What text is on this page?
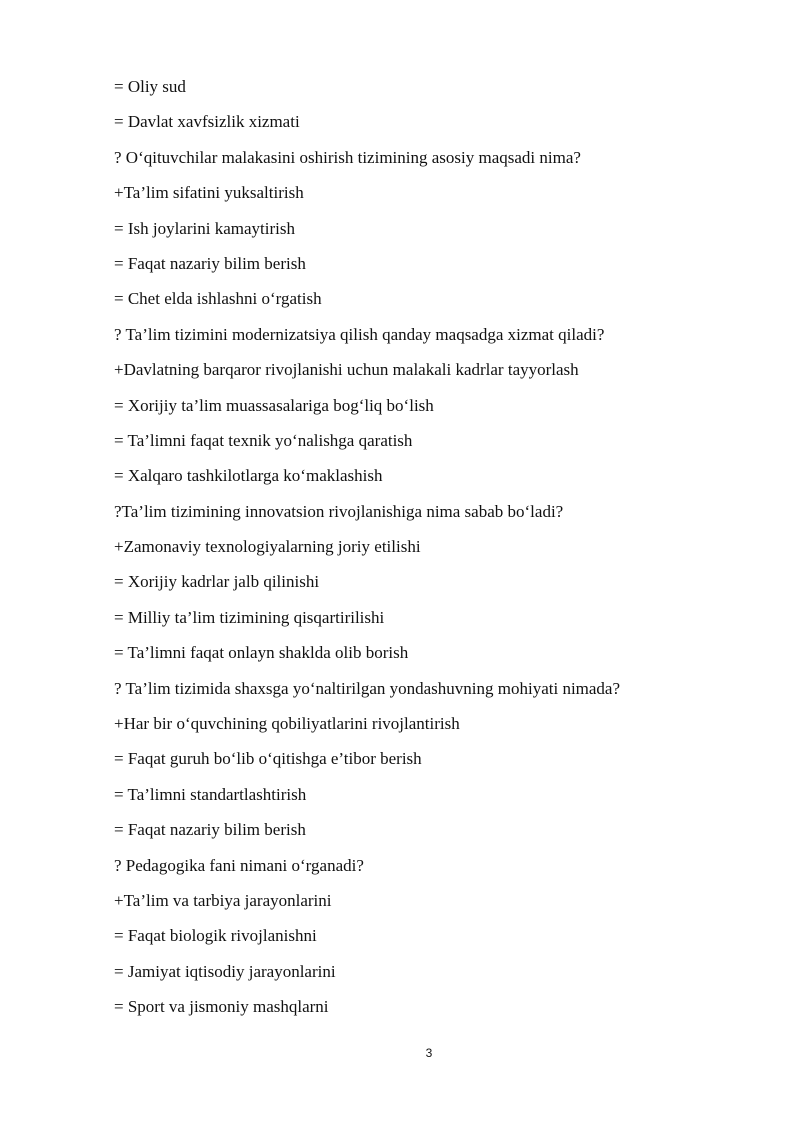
= Oliy sud
= Davlat xavfsizlik xizmati
? O‘qituvchilar malakasini oshirish tizimining asosiy maqsadi nima?
+Ta’lim sifatini yuksaltirish
= Ish joylarini kamaytirish
= Faqat nazariy bilim berish
= Chet elda ishlashni o‘rgatish
? Ta’lim tizimini modernizatsiya qilish qanday maqsadga xizmat qiladi?
+Davlatning barqaror rivojlanishi uchun malakali kadrlar tayyorlash
= Xorijiy ta’lim muassasalariga bog‘liq bo‘lish
= Ta’limni faqat texnik yo‘nalishga qaratish
= Xalqaro tashkilotlarga ko‘maklashish
?Ta’lim tizimining innovatsion rivojlanishiga nima sabab bo‘ladi?
+Zamonaviy texnologiyalarning joriy etilishi
= Xorijiy kadrlar jalb qilinishi
= Milliy ta’lim tizimining qisqartirilishi
= Ta’limni faqat onlayn shaklda olib borish
? Ta’lim tizimida shaxsga yo‘naltirilgan yondashuvning mohiyati nimada?
+Har bir o‘quvchining qobiliyatlarini rivojlantirish
= Faqat guruh bo‘lib o‘qitishga e’tibor berish
= Ta’limni standartlashtirish
= Faqat nazariy bilim berish
? Pedagogika fani nimani o‘rganadi?
+Ta’lim va tarbiya jarayonlarini
= Faqat biologik rivojlanishni
= Jamiyat iqtisodiy jarayonlarini
= Sport va jismoniy mashqlarni
3
